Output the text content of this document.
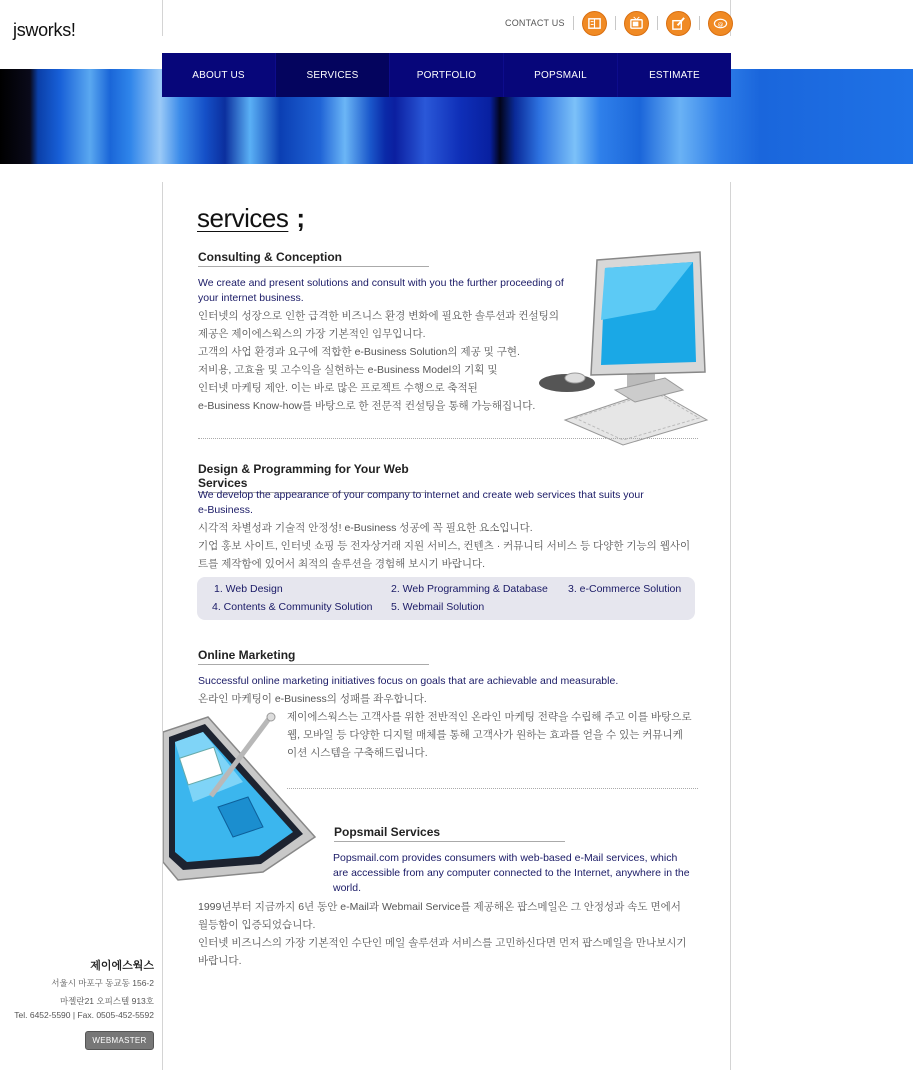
jsworks!	CONTACT US	@
ABOUT US	SERVICES	PORTFOLIO	POPSMAIL	ESTIMATE
services ;
Consulting & Conception
We create and present solutions and consult with you the further proceeding of
your internet business.
인터넷의 성장으로 인한 급격한 비즈니스 환경 변화에 필요한 솔루션과 컨설팅의
제공은 제이에스웍스의 가장 기본적인 임무입니다.
고객의 사업 환경과 요구에 적합한 e-Business Solution의 제공 및 구현.
저비용, 고효율 및 고수익을 실현하는 e-Business Model의 기획 및
인터넷 마케팅 제안. 이는 바로 많은 프로젝트 수행으로 축적된
e-Business Know-how를 바탕으로 한 전문적 컨설팅을 통해 가능해집니다.
Design & Programming for Your Web Services
We develop the appearance of your company to internet and create web services that suits your
e-Business.
시각적 차별성과 기술적 안정성! e-Business 성공에 꼭 필요한 요소입니다.
기업 홍보 사이트, 인터넷 쇼핑 등 전자상거래 지원 서비스, 컨텐츠 · 커뮤니티 서비스 등 다양한 기능의 웹사이
트를 제작함에 있어서 최적의 솔루션을 경험해 보시기 바랍니다.
1. Web Design	2. Web Programming & Database 3. e-Commerce Solution
4. Contents & Community Solution 5. Webmail Solution
Online Marketing
Successful online marketing initiatives focus on goals that are achievable and measurable.
온라인 마케팅이 e-Business의 성패를 좌우합니다.
제이에스웍스는 고객사를 위한 전반적인 온라인 마케팅 전략을 수립해 주고 이를 바탕으로
웹, 모바일 등 다양한 디지털 매체를 통해 고객사가 원하는 효과를 얻을 수 있는 커뮤니케
이션 시스템을 구축해드립니다.
Popsmail Services
Popsmail.com provides consumers with web-based e-Mail services, which
are accessible from any computer connected to the Internet, anywhere in the
world.
1999년부터 지금까지 6년 동안 e-Mail과 Webmail Service를 제공해온 팝스메일은 그 안정성과 속도 면에서
월등함이 입증되었습니다.
인터넷 비즈니스의 가장 기본적인 수단인 메일 솔루션과 서비스를 고민하신다면 먼저 팝스메일을 만나보시기
바랍니다.
제이에스웍스
서울시 마포구 동교동 156-2
마젤란21 오피스텔 913호
Tel. 6452-5590 | Fax. 0505-452-5592
WEBMASTER
